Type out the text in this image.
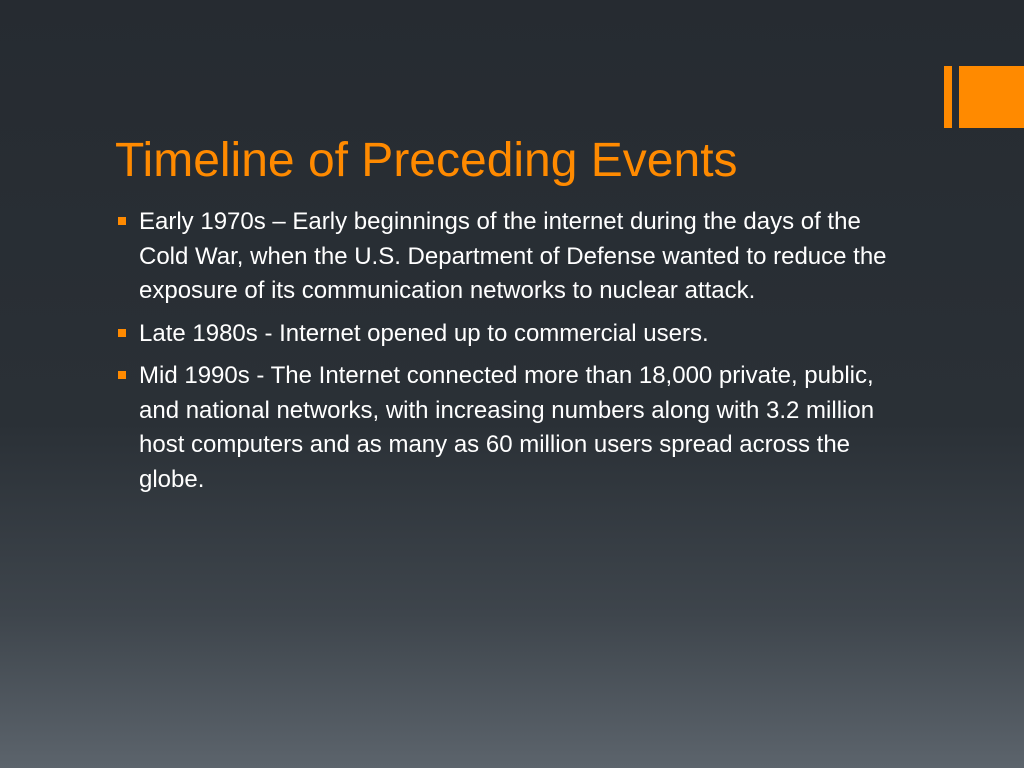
Timeline of Preceding Events
Early 1970s – Early beginnings of the internet during the days of the Cold War, when the U.S. Department of Defense wanted to reduce the exposure of its communication networks to nuclear attack.
Late 1980s - Internet opened up to commercial users.
Mid 1990s - The Internet connected more than 18,000 private, public, and national networks, with increasing numbers along with 3.2 million host computers and as many as 60 million users spread across the globe.
